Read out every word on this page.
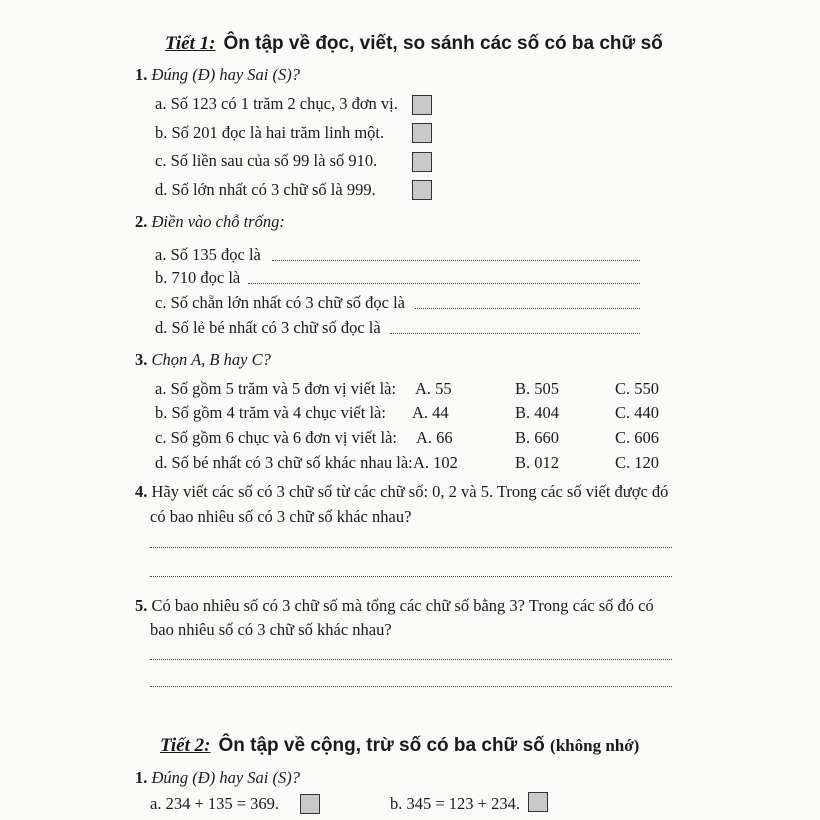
Tiết 1: Ôn tập về đọc, viết, so sánh các số có ba chữ số
1. Đúng (Đ) hay Sai (S)?
a. Số 123 có 1 trăm 2 chục, 3 đơn vị.
b. Số 201 đọc là hai trăm linh một.
c. Số liền sau của số 99 là số 910.
d. Số lớn nhất có 3 chữ số là 999.
2. Điền vào chỗ trống:
a. Số 135 đọc là
b. 710 đọc là
c. Số chẵn lớn nhất có 3 chữ số đọc là
d. Số lẻ bé nhất có 3 chữ số đọc là
3. Chọn A, B hay C?
a. Số gồm 5 trăm và 5 đơn vị viết là: A. 55	B. 505	C. 550
b. Số gồm 4 trăm và 4 chục viết là: A. 44	B. 404	C. 440
c. Số gồm 6 chục và 6 đơn vị viết là: A. 66	B. 660	C. 606
d. Số bé nhất có 3 chữ số khác nhau là: A. 102	B. 012	C. 120
4. Hãy viết các số có 3 chữ số từ các chữ số: 0, 2 và 5. Trong các số viết được đó
có bao nhiêu số có 3 chữ số khác nhau?
5. Có bao nhiêu số có 3 chữ số mà tổng các chữ số bằng 3? Trong các số đó có
bao nhiêu số có 3 chữ số khác nhau?
Tiết 2: Ôn tập về cộng, trừ số có ba chữ số (không nhớ)
1. Đúng (Đ) hay Sai (S)?
a. 234 + 135 = 369.	b. 345 = 123 + 234.
